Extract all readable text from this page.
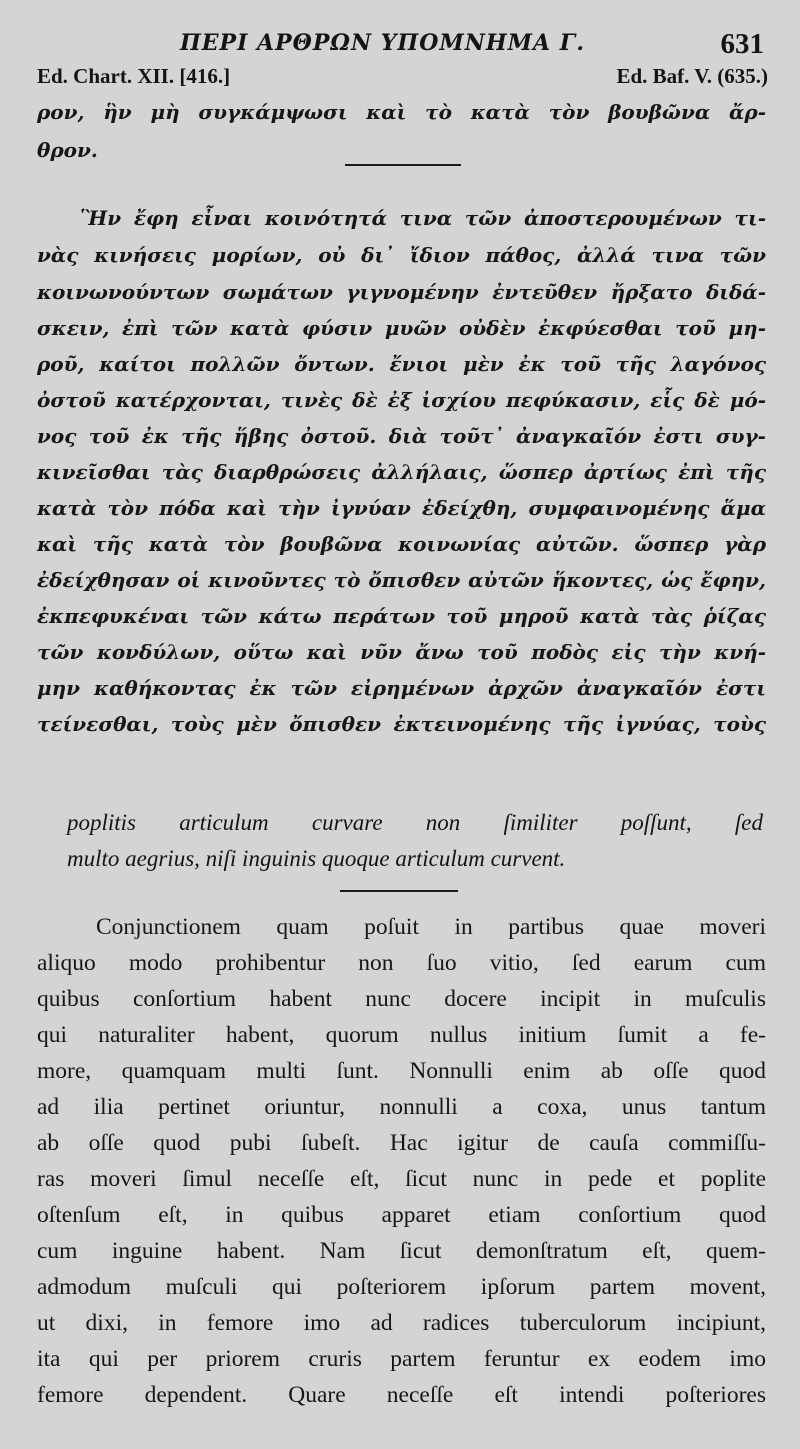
ΠΕΡΙ ΑΡΘΡΩΝ ΥΠΟΜΝΗΜΑ Γ.	631
Ed. Chart. XII. [416.]	Ed. Baf. V. (635.)
ρον, ἣν μὴ συγκάμψωσι καὶ τὸ κατὰ τὸν βουβῶνα ἄρ-
θρον.
Ἣν ἔφη εἶναι κοινότητά τινα τῶν ἀποστερουμένων τι-
νὰς κινήσεις μορίων, οὐ δι᾽ ἴδιον πάθος, ἀλλά τινα τῶν
κοινωνούντων σωμάτων γιγνομένην ἐντεῦθεν ἤρξατο διδά-
σκειν, ἐπὶ τῶν κατὰ φύσιν μυῶν οὐδὲν ἐκφύεσθαι τοῦ μη-
ροῦ, καίτοι πολλῶν ὄντων. ἔνιοι μὲν ἐκ τοῦ τῆς λαγόνος
ὀστοῦ κατέρχονται, τινὲς δὲ ἐξ ἰσχίου πεφύκασιν, εἷς δὲ μό-
νος τοῦ ἐκ τῆς ἥβης ὀστοῦ. διὰ τοῦτ᾽ ἀναγκαῖόν ἐστι συγ-
κινεῖσθαι τὰς διαρθρώσεις ἀλλήλαις, ὥσπερ ἀρτίως ἐπὶ τῆς
κατὰ τὸν πόδα καὶ τὴν ἰγνύαν ἐδείχθη, συμφαινομένης ἅμα
καὶ τῆς κατὰ τὸν βουβῶνα κοινωνίας αὐτῶν. ὥσπερ γὰρ
ἐδείχθησαν οἱ κινοῦντες τὸ ὄπισθεν αὐτῶν ἥκοντες, ὡς ἔφην,
ἐκπεφυκέναι τῶν κάτω περάτων τοῦ μηροῦ κατὰ τὰς ῥίζας
τῶν κονδύλων, οὕτω καὶ νῦν ἄνω τοῦ ποδὸς εἰς τὴν κνή-
μην καθήκοντας ἐκ τῶν εἰρημένων ἀρχῶν ἀναγκαῖόν ἐστι
τείνεσθαι, τοὺς μὲν ὄπισθεν ἐκτεινομένης τῆς ἰγνύας, τοὺς
poplitis articulum curvare non ſimiliter poſſunt, ſed
multo aegrius, niſi inguinis quoque articulum curvent.
Conjunctionem quam poſuit in partibus quae moveri
aliquo modo prohibentur non ſuo vitio, ſed earum cum
quibus conſortium habent nunc docere incipit in muſculis
qui naturaliter habent, quorum nullus initium ſumit a fe-
more, quamquam multi ſunt. Nonnulli enim ab oſſe quod
ad ilia pertinet oriuntur, nonnulli a coxa, unus tantum
ab oſſe quod pubi ſubeſt. Hac igitur de cauſa commiſſu-
ras moveri ſimul neceſſe eſt, ſicut nunc in pede et poplite
oſtenſum eſt, in quibus apparet etiam conſortium quod
cum inguine habent. Nam ſicut demonſtratum eſt, quem-
admodum muſculi qui poſteriorem ipſorum partem movent,
ut dixi, in femore imo ad radices tuberculorum incipiunt,
ita qui per priorem cruris partem feruntur ex eodem imo
femore dependent. Quare neceſſe eſt intendi poſteriores
